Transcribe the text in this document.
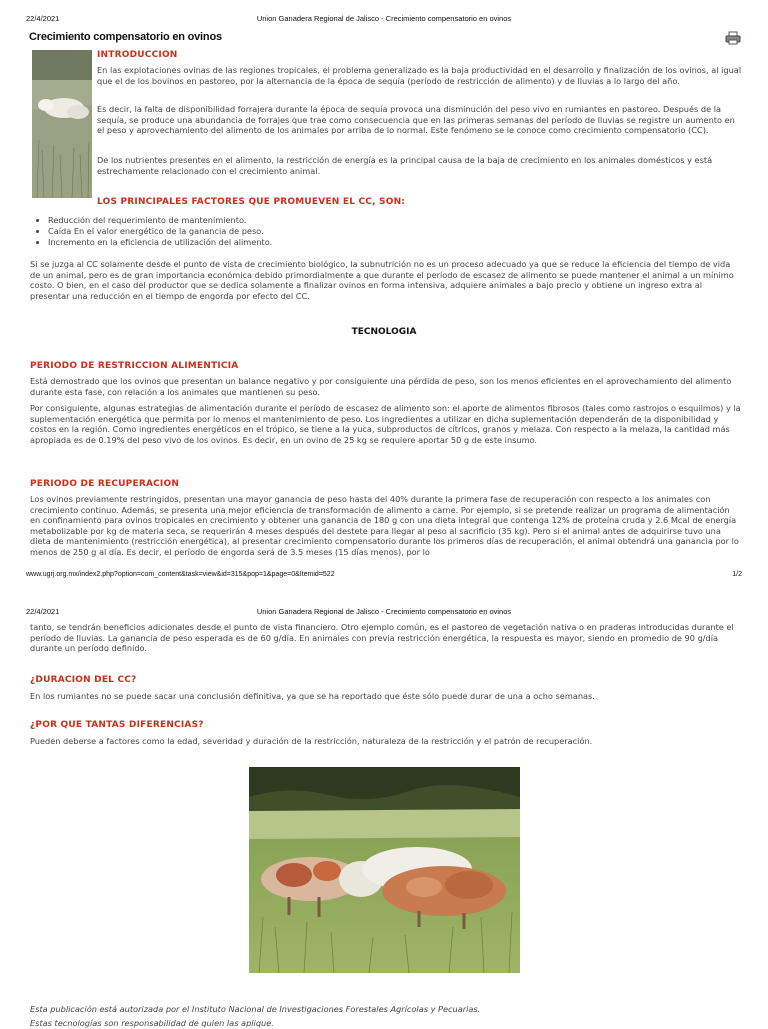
22/4/2021	Union Ganadera Regional de Jalisco - Crecimiento compensatorio en ovinos
Crecimiento compensatorio en ovinos
INTRODUCCION

En las explotaciones ovinas de las regiones tropicales, el problema generalizado es la baja productividad en el desarrollo y finalización de los ovinos, al igual que el de los bovinos en pastoreo, por la alternancia de la época de sequía (período de restricción de alimento) y de lluvias a lo largo del año.

Es decir, la falta de disponibilidad forrajera durante la época de sequía provoca una disminución del peso vivo en rumiantes en pastoreo. Después de la sequía, se produce una abundancia de forrajes que trae como consecuencia que en las primeras semanas del período de lluvias se registre un aumento en el peso y aprovechamiento del alimento de los animales por arriba de lo normal. Este fenómeno se le conoce como crecimiento compensatorio (CC).

De los nutrientes presentes en el alimento, la restricción de energía es la principal causa de la baja de crecimiento en los animales domésticos y está estrechamente relacionado con el crecimiento animal.

LOS PRINCIPALES FACTORES QUE PROMUEVEN EL CC, SON:
• Reducción del requerimiento de mantenimiento.
• Caída En el valor energético de la ganancia de peso.
• Incremento en la eficiencia de utilización del alimento.

Si se juzga al CC solamente desde el punto de vista de crecimiento biológico, la subnutrición no es un proceso adecuado ya que se reduce la eficiencia del tiempo de vida de un animal, pero es de gran importancia económica debido primordialmente a que durante el período de escasez de alimento se puede mantener el animal a un mínimo costo. O bien, en el caso del productor que se dedica solamente a finalizar ovinos en forma intensiva, adquiere animales a bajo precio y obtiene un ingreso extra al presentar una reducción en el tiempo de engorda por efecto del CC.

TECNOLOGIA
PERIODO DE RESTRICCION ALIMENTICIA

Está demostrado que los ovinos que presentan un balance negativo y por consiguiente una pérdida de peso, son los menos eficientes en el aprovechamiento del alimento durante esta fase, con relación a los animales que mantienen su peso.

Por consiguiente, algunas estrategias de alimentación durante el período de escasez de alimento son: el aporte de alimentos fibrosos (tales como rastrojos o esquilmos) y la suplementación energética que permita por lo menos el mantenimiento de peso. Los ingredientes a utilizar en dicha suplementación dependerán de la disponibilidad y costos en la región. Como ingredientes energéticos en el trópico, se tiene a la yuca, subproductos de cítricos, granos y melaza. Con respecto a la melaza, la cantidad más apropiada es de 0.19% del peso vivo de los ovinos. Es decir, en un ovino de 25 kg se requiere aportar 50 g de este insumo.

PERIODO DE RECUPERACION

Los ovinos previamente restringidos, presentan una mayor ganancia de peso hasta del 40% durante la primera fase de recuperación con respecto a los animales con crecimiento continuo. Además, se presenta una mejor eficiencia de transformación de alimento a carne. Por ejemplo, si se pretende realizar un programa de alimentación en confinamiento para ovinos tropicales en crecimiento y obtener una ganancia de 180 g con una dieta integral que contenga 12% de proteína cruda y 2.6 Mcal de energía metabolizable por kg de materia seca, se requerirán 4 meses después del destete para llegar al peso al sacrificio (35 kg). Pero si el animal antes de adquirirse tuvo una dieta de mantenimiento (restricción energética), al presentar crecimiento compensatorio durante los primeros días de recuperación, el animal obtendrá una ganancia por lo menos de 250 g al día. Es decir, el período de engorda será de 3.5 meses (15 días menos), por lo

www.ugrj.org.mx/index2.php?option=com_content&task=view&id=315&pop=1&page=0&Itemid=522	1/2
22/4/2021	Union Ganadera Regional de Jalisco - Crecimiento compensatorio en ovinos

tanto, se tendrán beneficios adicionales desde el punto de vista financiero. Otro ejemplo común, es el pastoreo de vegetación nativa o en praderas introducidas durante el período de lluvias. La ganancia de peso esperada es de 60 g/día. En animales con previa restricción energética, la respuesta es mayor, siendo en promedio de 90 g/día durante un período definido.

¿DURACION DEL CC?

En los rumiantes no se puede sacar una conclusión definitiva, ya que se ha reportado que éste sólo puede durar de una a ocho semanas.

¿POR QUE TANTAS DIFERENCIAS?

Pueden deberse a factores como la edad, severidad y duración de la restricción, naturaleza de la restricción y el patrón de recuperación.

Esta publicación está autorizada por el Instituto Nacional de Investigaciones Forestales Agrícolas y Pecuarias.

Estas tecnologías son responsabilidad de quien las aplique.
